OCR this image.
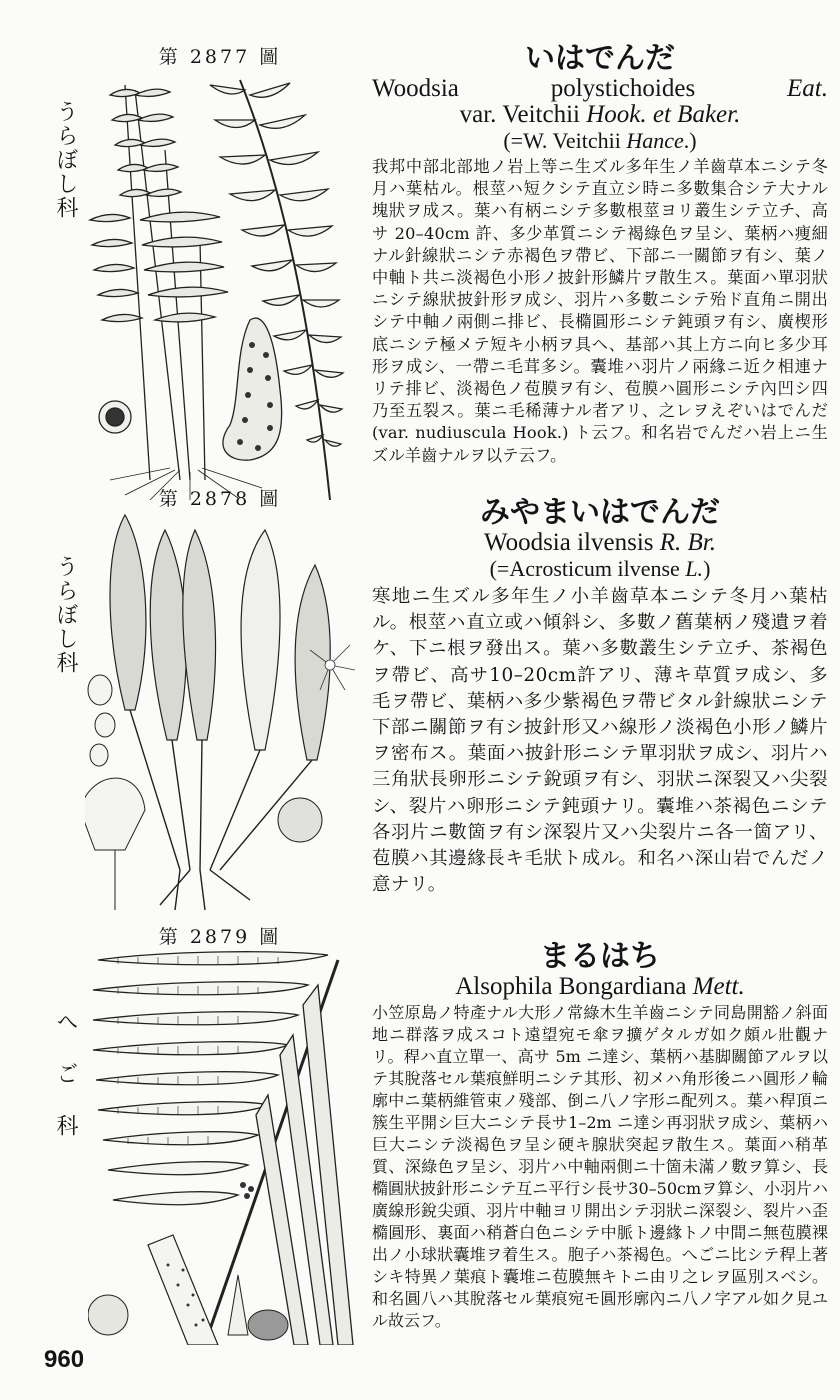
第 2877 圖
うらぼし科
いはでんだ
Woodsia	polystichoides	Eat.
var. Veitchii Hook. et Baker.
(=W. Veitchii Hance.)
我邦中部北部地ノ岩上等ニ生ズル多年生ノ羊齒草本ニシテ冬月ハ葉枯ル。根莖ハ短クシテ直立シ時ニ多數集合シテ大ナル塊狀ヲ成ス。葉ハ有柄ニシテ多數根莖ヨリ叢生シテ立チ、高サ 20–40cm 許、多少革質ニシテ褐綠色ヲ呈シ、葉柄ハ痩細ナル針線狀ニシテ赤褐色ヲ帶ビ、下部ニ一關節ヲ有シ、葉ノ中軸ト共ニ淡褐色小形ノ披針形鱗片ヲ散生ス。葉面ハ單羽狀ニシテ線狀披針形ヲ成シ、羽片ハ多數ニシテ殆ド直角ニ開出シテ中軸ノ兩側ニ排ビ、長橢圓形ニシテ鈍頭ヲ有シ、廣楔形底ニシテ極メテ短キ小柄ヲ具ヘ、基部ハ其上方ニ向ヒ多少耳形ヲ成シ、一帶ニ毛茸多シ。囊堆ハ羽片ノ兩緣ニ近ク相連ナリテ排ビ、淡褐色ノ苞膜ヲ有シ、苞膜ハ圓形ニシテ內凹シ四乃至五裂ス。葉ニ毛稀薄ナル者アリ、之レヲえぞいはでんだ (var. nudiuscula Hook.) ト云フ。和名岩でんだハ岩上ニ生ズル羊齒ナルヲ以テ云フ。
第 2878 圖
うらぼし科
みやまいはでんだ
Woodsia ilvensis R. Br.
(=Acrosticum ilvense L.)
寒地ニ生ズル多年生ノ小羊齒草本ニシテ冬月ハ葉枯ル。根莖ハ直立或ハ傾斜シ、多數ノ舊葉柄ノ殘遺ヲ着ケ、下ニ根ヲ發出ス。葉ハ多數叢生シテ立チ、茶褐色ヲ帶ビ、高サ10–20cm許アリ、薄キ草質ヲ成シ、多毛ヲ帶ビ、葉柄ハ多少紫褐色ヲ帶ビタル針線狀ニシテ下部ニ關節ヲ有シ披針形又ハ線形ノ淡褐色小形ノ鱗片ヲ密布ス。葉面ハ披針形ニシテ單羽狀ヲ成シ、羽片ハ三角狀長卵形ニシテ銳頭ヲ有シ、羽狀ニ深裂又ハ尖裂シ、裂片ハ卵形ニシテ鈍頭ナリ。囊堆ハ茶褐色ニシテ各羽片ニ數箇ヲ有シ深裂片又ハ尖裂片ニ各一箇アリ、苞膜ハ其邊緣長キ毛狀ト成ル。和名ハ深山岩でんだノ意ナリ。
第 2879 圖
へご科
まるはち
Alsophila Bongardiana Mett.
小笠原島ノ特產ナル大形ノ常綠木生羊齒ニシテ同島開豁ノ斜面地ニ群落ヲ成スコト遠望宛モ傘ヲ擴ゲタルガ如ク頗ル壯觀ナリ。稈ハ直立單一、高サ 5m ニ達シ、葉柄ハ基脚關節アルヲ以テ其脫落セル葉痕鮮明ニシテ其形、初メハ角形後ニハ圓形ノ輪廓中ニ葉柄維管束ノ殘部、倒ニ八ノ字形ニ配列ス。葉ハ稈頂ニ簇生平開シ巨大ニシテ長サ1–2m ニ達シ再羽狀ヲ成シ、葉柄ハ巨大ニシテ淡褐色ヲ呈シ硬キ腺狀突起ヲ散生ス。葉面ハ稍革質、深綠色ヲ呈シ、羽片ハ中軸兩側ニ十箇未滿ノ數ヲ算シ、長橢圓狀披針形ニシテ互ニ平行シ長サ30–50cmヲ算シ、小羽片ハ廣線形銳尖頭、羽片中軸ヨリ開出シテ羽狀ニ深裂シ、裂片ハ歪橢圓形、裏面ハ稍蒼白色ニシテ中脈ト邊緣トノ中間ニ無苞膜裸出ノ小球狀囊堆ヲ着生ス。胞子ハ茶褐色。へごニ比シテ稈上著シキ特異ノ葉痕ト囊堆ニ苞膜無キトニ由リ之レヲ區別スベシ。和名圓八ハ其脫落セル葉痕宛モ圓形廓內ニ八ノ字アル如ク見ユル故云フ。
960
